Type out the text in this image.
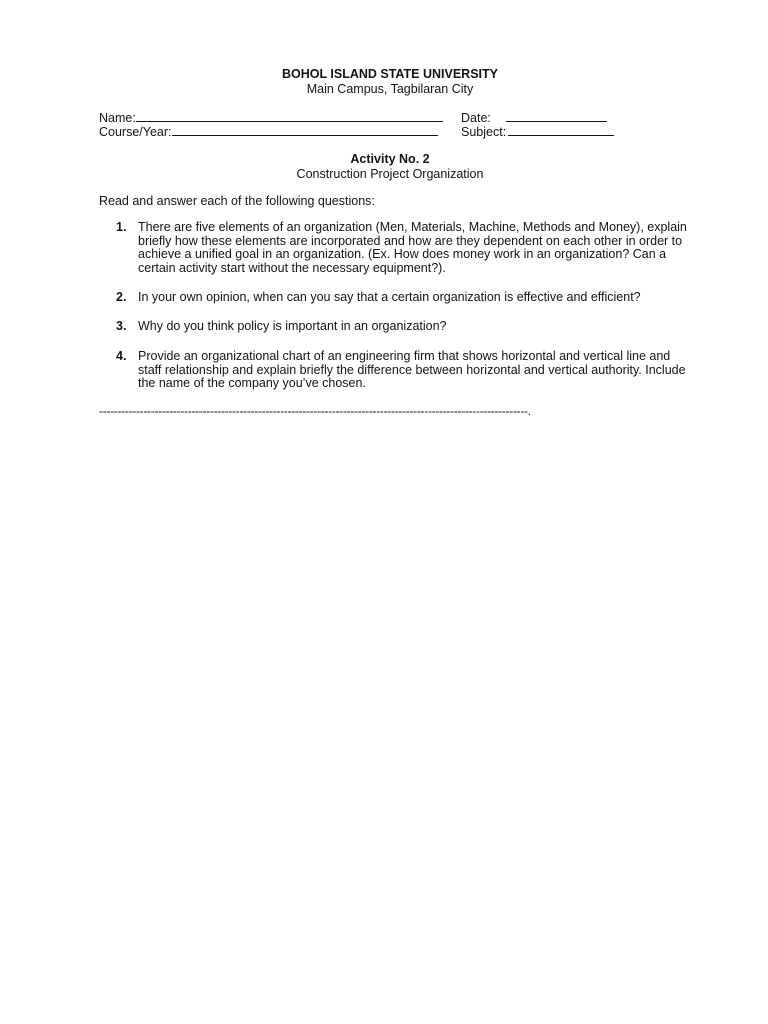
BOHOL ISLAND STATE UNIVERSITY
Main Campus, Tagbilaran City
Name:	Date:
Course/Year:	Subject:
Activity No. 2
Construction Project Organization
Read and answer each of the following questions:
1. There are five elements of an organization (Men, Materials, Machine, Methods and Money), explain briefly how these elements are incorporated and how are they dependent on each other in order to achieve a unified goal in an organization. (Ex. How does money work in an organization? Can a certain activity start without the necessary equipment?).
2. In your own opinion, when can you say that a certain organization is effective and efficient?
3. Why do you think policy is important in an organization?
4. Provide an organizational chart of an engineering firm that shows horizontal and vertical line and staff relationship and explain briefly the difference between horizontal and vertical authority. Include the name of the company you’ve chosen.
--------------------------------------------------------------------------------------------------------------------.
